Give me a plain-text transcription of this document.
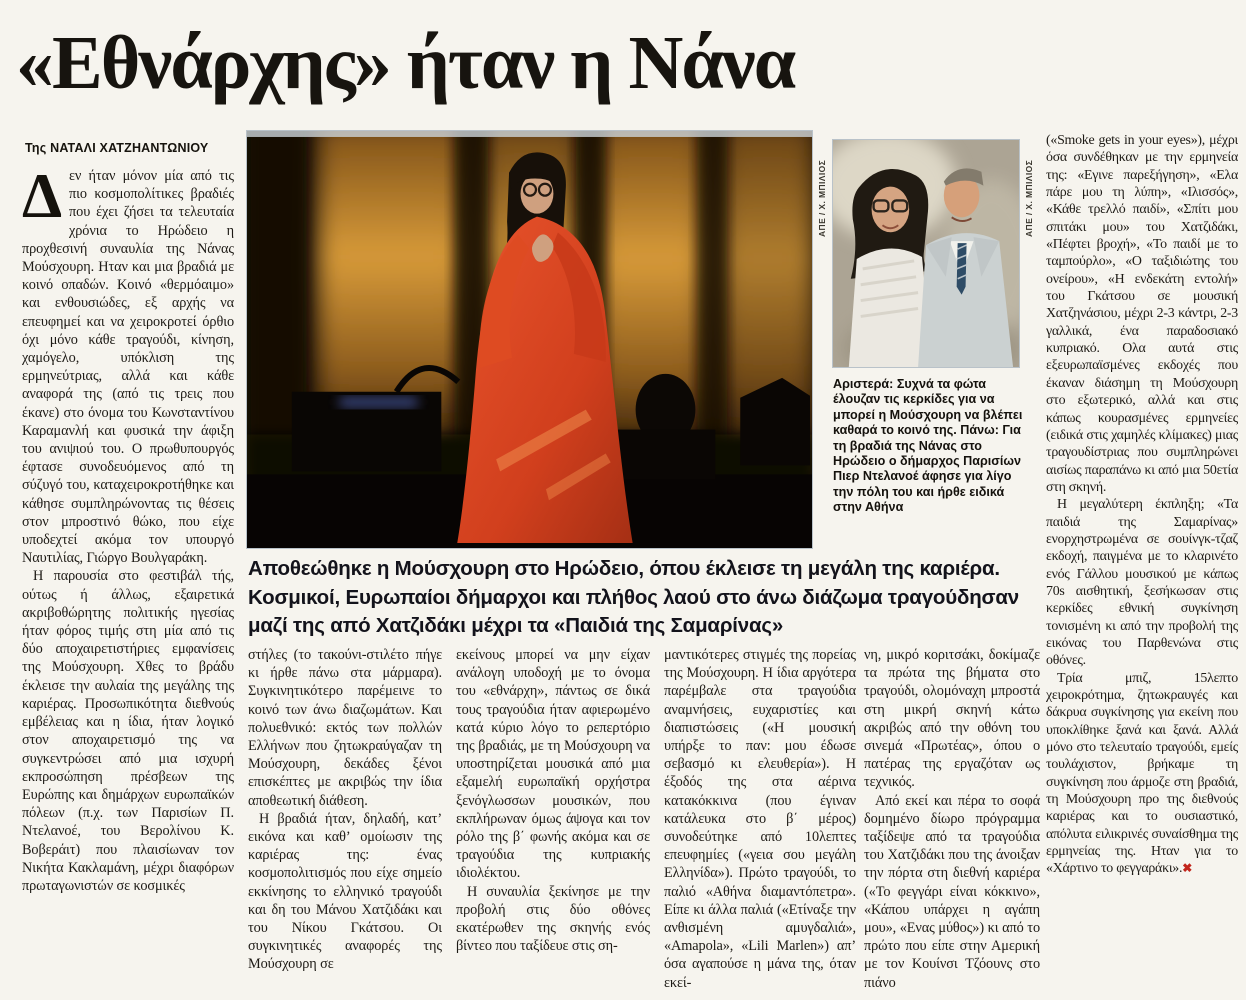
«Εθνάρχης» ήταν η Νάνα
Της ΝΑΤΑΛΙ ΧΑΤΖΗΑΝΤΩΝΙΟΥ

Δεν ήταν μόνον μία από τις πιο κοσμοπολίτικες βραδιές που έχει ζήσει τα τελευταία χρόνια το Ηρώδειο η προχθεσινή συναυλία της Νάνας Μούσχουρη. Ηταν και μια βραδιά με κοινό οπαδών. Κοινό «θερμόαιμο» και ενθουσιώδες, εξ αρχής να επευφημεί και να χειροκροτεί όρθιο όχι μόνο κάθε τραγούδι, κίνηση, χαμόγελο, υπόκλιση της ερμηνεύτριας, αλλά και κάθε αναφορά της (από τις τρεις που έκανε) στο όνομα του Κωνσταντίνου Καραμανλή και φυσικά την άφιξη του ανιψιού του. Ο πρωθυπουργός έφτασε συνοδευόμενος από τη σύζυγό του, καταχειροκροτήθηκε και κάθησε συμπληρώνοντας τις θέσεις στον μπροστινό θώκο, που είχε υποδεχτεί ακόμα τον υπουργό Ναυτιλίας, Γιώργο Βουλγαράκη.

Η παρουσία στο φεστιβάλ τής, ούτως ή άλλως, εξαιρετικά ακριβοθώρητης πολιτικής ηγεσίας ήταν φόρος τιμής στη μία από τις δύο αποχαιρετιστήριες εμφανίσεις της Μούσχουρη. Χθες το βράδυ έκλεισε την αυλαία της μεγάλης της καριέρας. Προσωπικότητα διεθνούς εμβέλειας και η ίδια, ήταν λογικό στον αποχαιρετισμό της να συγκεντρώσει από μια ισχυρή εκπροσώπηση πρέσβεων της Ευρώπης και δημάρχων ευρωπαϊκών πόλεων (π.χ. των Παρισίων Π. Ντελανοέ, του Βερολίνου Κ. Βοβεράιτ) που πλαισίωναν τον Νικήτα Κακλαμάνη, μέχρι διαφόρων πρωταγωνιστών σε κοσμικές

ΑΠΕ / Χ. ΜΠΙΛΙΟΣ	ΑΠΕ / Χ. ΜΠΙΛΙΟΣ
Αριστερά: Συχνά τα φώτα έλουζαν τις κερκίδες για να μπορεί η Μούσχουρη να βλέπει καθαρά το κοινό της. Πάνω: Για τη βραδιά της Νάνας στο Ηρώδειο ο δήμαρχος Παρισίων Πιερ Ντελανοέ άφησε για λίγο την πόλη του και ήρθε ειδικά στην Αθήνα
Αποθεώθηκε η Μούσχουρη στο Ηρώδειο, όπου έκλεισε τη μεγάλη της καριέρα. Κοσμικοί, Ευρωπαίοι δήμαρχοι και πλήθος λαού στο άνω διάζωμα τραγούδησαν μαζί της από Χατζιδάκι μέχρι τα «Παιδιά της Σαμαρίνας»

στήλες (το τακούνι-στιλέτο πήγε κι ήρθε πάνω στα μάρμαρα). Συγκινητικότερο παρέμεινε το κοινό των άνω διαζωμάτων. Και πολυεθνικό: εκτός των πολλών Ελλήνων που ζητωκραύγαζαν τη Μούσχουρη, δεκάδες ξένοι επισκέπτες με ακριβώς την ίδια αποθεωτική διάθεση.

Η βραδιά ήταν, δηλαδή, κατ’ εικόνα και καθ’ ομοίωσιν της καριέρας της: ένας κοσμοπολιτισμός που είχε σημείο εκκίνησης το ελληνικό τραγούδι και δη του Μάνου Χατζιδάκι και του Νίκου Γκάτσου. Οι συγκινητικές αναφορές της Μούσχουρη σε

εκείνους μπορεί να μην είχαν ανάλογη υποδοχή με το όνομα του «εθνάρχη», πάντως σε δικά τους τραγούδια ήταν αφιερωμένο κατά κύριο λόγο το ρεπερτόριο της βραδιάς, με τη Μούσχουρη να υποστηρίζεται μουσικά από μια εξαμελή ευρωπαϊκή ορχήστρα ξενόγλωσσων μουσικών, που εκπλήρωναν όμως άψογα και τον ρόλο της β΄ φωνής ακόμα και σε τραγούδια της κυπριακής ιδιολέκτου.

Η συναυλία ξεκίνησε με την προβολή στις δύο οθόνες εκατέρωθεν της σκηνής ενός βίντεο που ταξίδευε στις ση-

μαντικότερες στιγμές της πορείας της Μούσχουρη. Η ίδια αργότερα παρέμβαλε στα τραγούδια αναμνήσεις, ευχαριστίες και διαπιστώσεις («Η μουσική υπήρξε το παν: μου έδωσε σεβασμό κι ελευθερία»). Η έξοδός της στα αέρινα κατακόκκινα (που έγιναν κατάλευκα στο β΄ μέρος) συνοδεύτηκε από 10λεπτες επευφημίες («γεια σου μεγάλη Ελληνίδα»). Πρώτο τραγούδι, το παλιό «Αθήνα διαμαντόπετρα». Είπε κι άλλα παλιά («Ετίναξε την ανθισμένη αμυγδαλιά», «Amapola», «Lili Marlen») απ’ όσα αγαπούσε η μάνα της, όταν εκεί-

νη, μικρό κοριτσάκι, δοκίμαζε τα πρώτα της βήματα στο τραγούδι, ολομόναχη μπροστά στη μικρή σκηνή κάτω ακριβώς από την οθόνη του σινεμά «Πρωτέας», όπου ο πατέρας της εργαζόταν ως τεχνικός.

Από εκεί και πέρα το σοφά δομημένο δίωρο πρόγραμμα ταξίδεψε από τα τραγούδια του Χατζιδάκι που της άνοιξαν την πόρτα στη διεθνή καριέρα («Το φεγγάρι είναι κόκκινο», «Κάπου υπάρχει η αγάπη μου», «Ενας μύθος») κι από το πρώτο που είπε στην Αμερική με τον Κουίνσι Τζόουνς στο πιάνο

(«Smoke gets in your eyes»), μέχρι όσα συνδέθηκαν με την ερμηνεία της: «Εγινε παρεξήγηση», «Ελα πάρε μου τη λύπη», «Ιλισσός», «Κάθε τρελλό παιδί», «Σπίτι μου σπιτάκι μου» του Χατζιδάκι, «Πέφτει βροχή», «Το παιδί με το ταμπούρλο», «Ο ταξιδιώτης του ονείρου», «Η ενδεκάτη εντολή» του Γκάτσου σε μουσική Χατζηνάσιου, μέχρι 2-3 κάντρι, 2-3 γαλλικά, ένα παραδοσιακό κυπριακό. Ολα αυτά στις εξευρωπαϊσμένες εκδοχές που έκαναν διάσημη τη Μούσχουρη στο εξωτερικό, αλλά και στις κάπως κουρασμένες ερμηνείες (ειδικά στις χαμηλές κλίμακες) μιας τραγουδίστριας που συμπληρώνει αισίως παραπάνω κι από μια 50ετία στη σκηνή.

Η μεγαλύτερη έκπληξη; «Τα παιδιά της Σαμαρίνας» ενορχηστρωμένα σε σουίνγκ-τζαζ εκδοχή, παιγμένα με το κλαρινέτο ενός Γάλλου μουσικού με κάπως 70s αισθητική, ξεσήκωσαν στις κερκίδες εθνική συγκίνηση τονισμένη κι από την προβολή της εικόνας του Παρθενώνα στις οθόνες.

Τρία μπιζ, 15λεπτο χειροκρότημα, ζητωκραυγές και δάκρυα συγκίνησης για εκείνη που υποκλίθηκε ξανά και ξανά. Αλλά μόνο στο τελευταίο τραγούδι, εμείς τουλάχιστον, βρήκαμε τη συγκίνηση που άρμοζε στη βραδιά, τη Μούσχουρη προ της διεθνούς καριέρας και το ουσιαστικό, απόλυτα ειλικρινές συναίσθημα της ερμηνείας της. Ηταν για το «Χάρτινο το φεγγαράκι».✖
